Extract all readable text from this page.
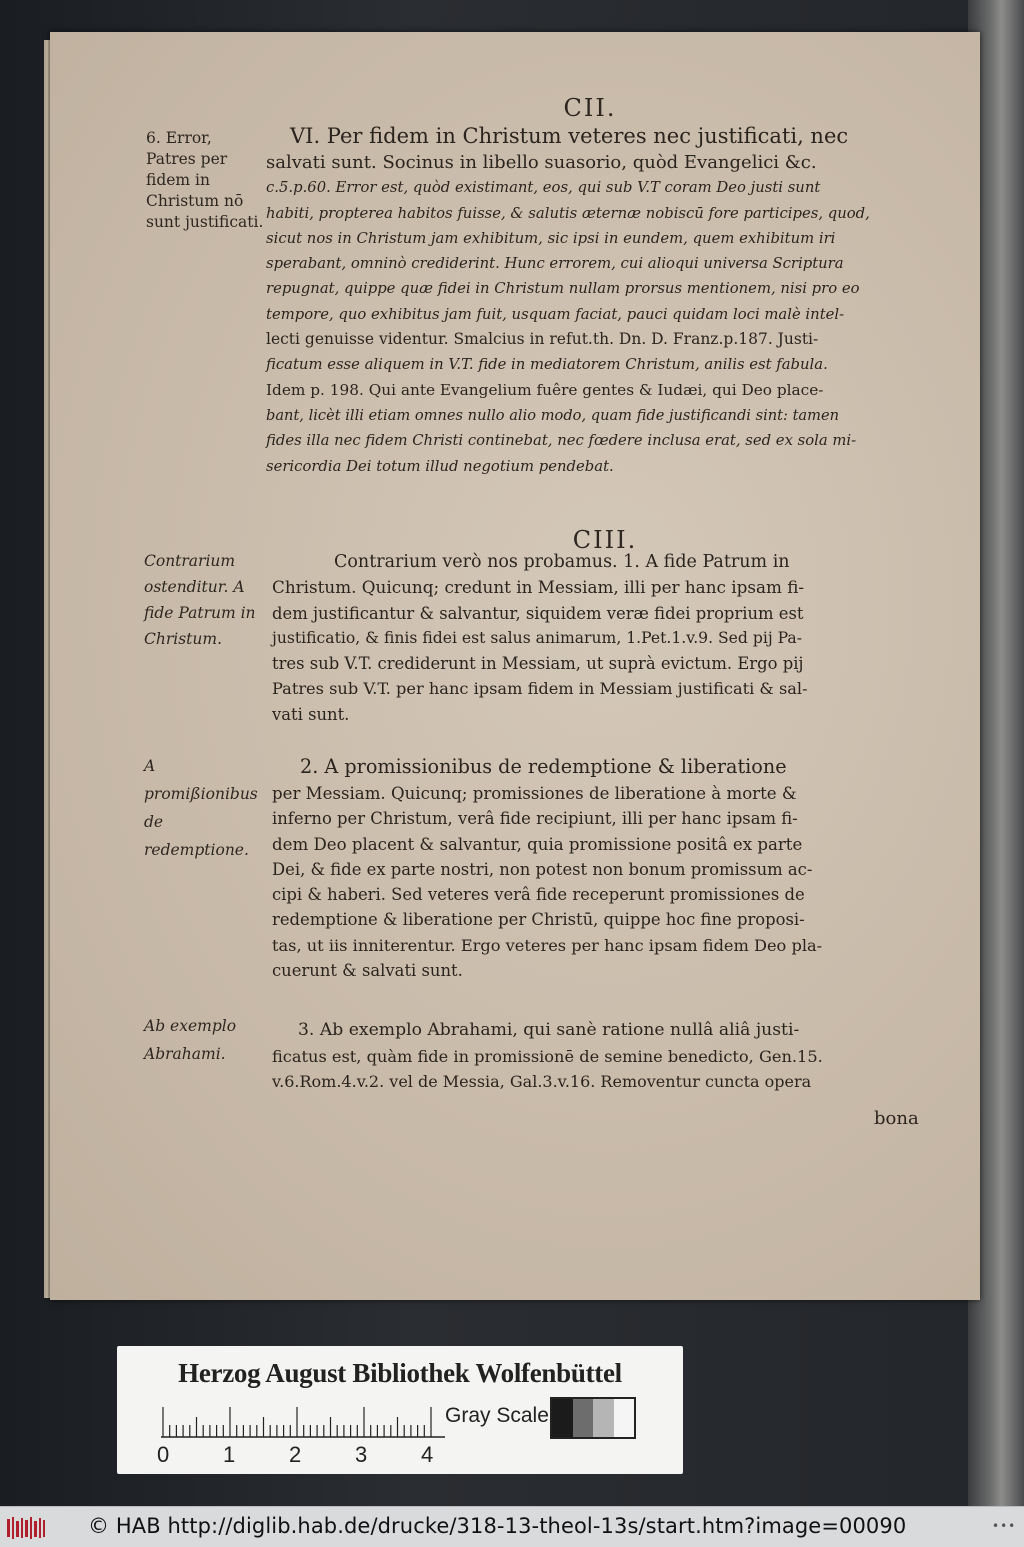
CII.
6. Error, Patres per fidem in Christum nō sunt justificati.
VI. Per fidem in Christum veteres nec justificati, nec
salvati sunt. Socinus in libello suasorio, quòd Evangelici &c.
c.5.p.60. Error est, quòd existimant, eos, qui sub V.T coram Deo justi sunt
habiti, propterea habitos fuisse, & salutis æternæ nobiscū fore participes, quod,
sicut nos in Christum jam exhibitum, sic ipsi in eundem, quem exhibitum iri
sperabant, omninò crediderint. Hunc errorem, cui alioqui universa Scriptura
repugnat, quippe quæ fidei in Christum nullam prorsus mentionem, nisi pro eo
tempore, quo exhibitus jam fuit, usquam faciat, pauci quidam loci malè intel-
lecti genuisse videntur. Smalcius in refut.th. Dn. D. Franz.p.187. Justi-
ficatum esse aliquem in V.T. fide in mediatorem Christum, anilis est fabula.
Idem p. 198. Qui ante Evangelium fuêre gentes & Iudæi, qui Deo place-
bant, licèt illi etiam omnes nullo alio modo, quam fide justificandi sint: tamen
fides illa nec fidem Christi continebat, nec fœdere inclusa erat, sed ex sola mi-
sericordia Dei totum illud negotium pendebat.
CIII.
Contrarium ostenditur. A fide Patrum in Christum.
Contrarium verò nos probamus. 1. A fide Patrum in
Christum. Quicunq; credunt in Messiam, illi per hanc ipsam fi-
dem justificantur & salvantur, siquidem veræ fidei proprium est
justificatio, & finis fidei est salus animarum, 1.Pet.1.v.9. Sed pij Pa-
tres sub V.T. crediderunt in Messiam, ut suprà evictum. Ergo pij
Patres sub V.T. per hanc ipsam fidem in Messiam justificati & sal-
vati sunt.
A promißionibus de redemptione.
2. A promissionibus de redemptione & liberatione
per Messiam. Quicunq; promissiones de liberatione à morte &
inferno per Christum, verâ fide recipiunt, illi per hanc ipsam fi-
dem Deo placent & salvantur, quia promissione positâ ex parte
Dei, & fide ex parte nostri, non potest non bonum promissum ac-
cipi & haberi. Sed veteres verâ fide receperunt promissiones de
redemptione & liberatione per Christū, quippe hoc fine proposi-
tas, ut iis inniterentur. Ergo veteres per hanc ipsam fidem Deo pla-
cuerunt & salvati sunt.
Ab exemplo Abrahami.
3. Ab exemplo Abrahami, qui sanè ratione nullâ aliâ justi-
ficatus est, quàm fide in promissionē de semine benedicto, Gen.15.
v.6.Rom.4.v.2. vel de Messia, Gal.3.v.16. Removentur cuncta opera
bona
Herzog August Bibliothek Wolfenbüttel
0 1 2 3 4
Gray Scale
© HAB http://diglib.hab.de/drucke/318-13-theol-13s/start.htm?image=00090	•••
